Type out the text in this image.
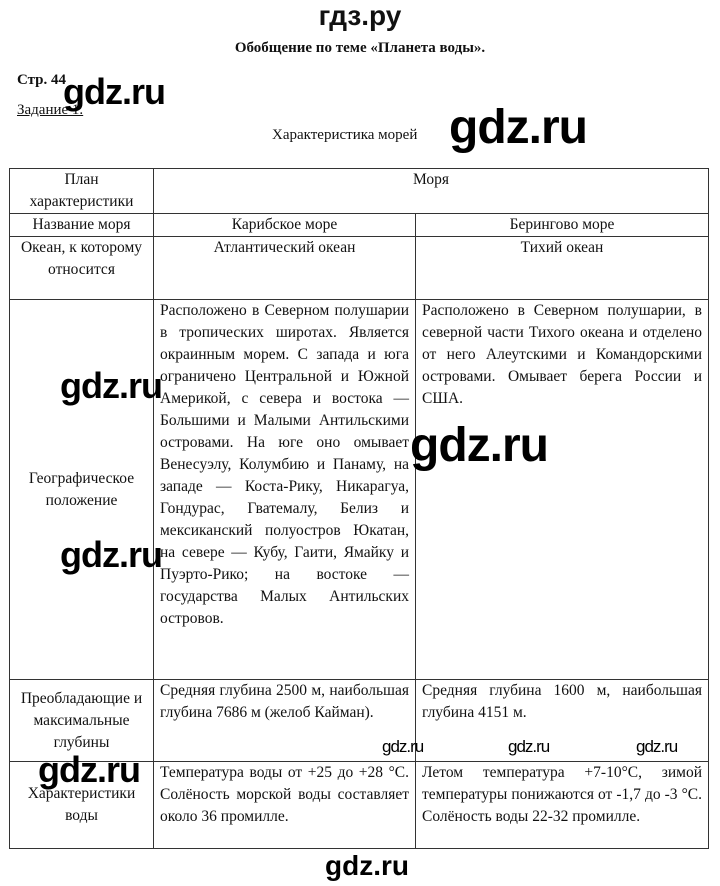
гдз.ру
Обобщение по теме «Планета воды».
Стр. 44
Задание 1.
Характеристика морей
План характеристики	Моря	
Название моря	Карибское море	Берингово море
Океан, к которому относится	Атлантический океан	Тихий океан
Географическое положение	Расположено в Северном полушарии в тропических широтах. Является окраинным морем. С запада и юга ограничено Центральной и Южной Америкой, с севера и востока — Большими и Малыми Антильскими островами. На юге оно омывает Венесуэлу, Колумбию и Панаму, на западе — Коста-Рику, Никарагуа, Гондурас, Гватемалу, Белиз и мексиканский полуостров Юкатан, на севере — Кубу, Гаити, Ямайку и Пуэрто-Рико; на востоке — государства Малых Антильских островов.	Расположено в Северном полушарии, в северной части Тихого океана и отделено от него Алеутскими и Командорскими островами. Омывает берега России и США.
Преобладающие и максимальные глубины	Средняя глубина 2500 м, наибольшая глубина 7686 м (желоб Кайман).	Средняя глубина 1600 м, наибольшая глубина 4151 м.
Характеристики воды	Температура воды от +25 до +28 °С. Солёность морской воды составляет около 36 промилле.	Летом температура +7-10°С, зимой температуры понижаются от -1,7 до -3 °С. Солёность воды 22-32 промилле.
gdz.ru
gdz.ru
gdz.ru
gdz.ru
gdz.ru
gdz.ru	gdz.ru	gdz.ru
gdz.ru
gdz.ru
